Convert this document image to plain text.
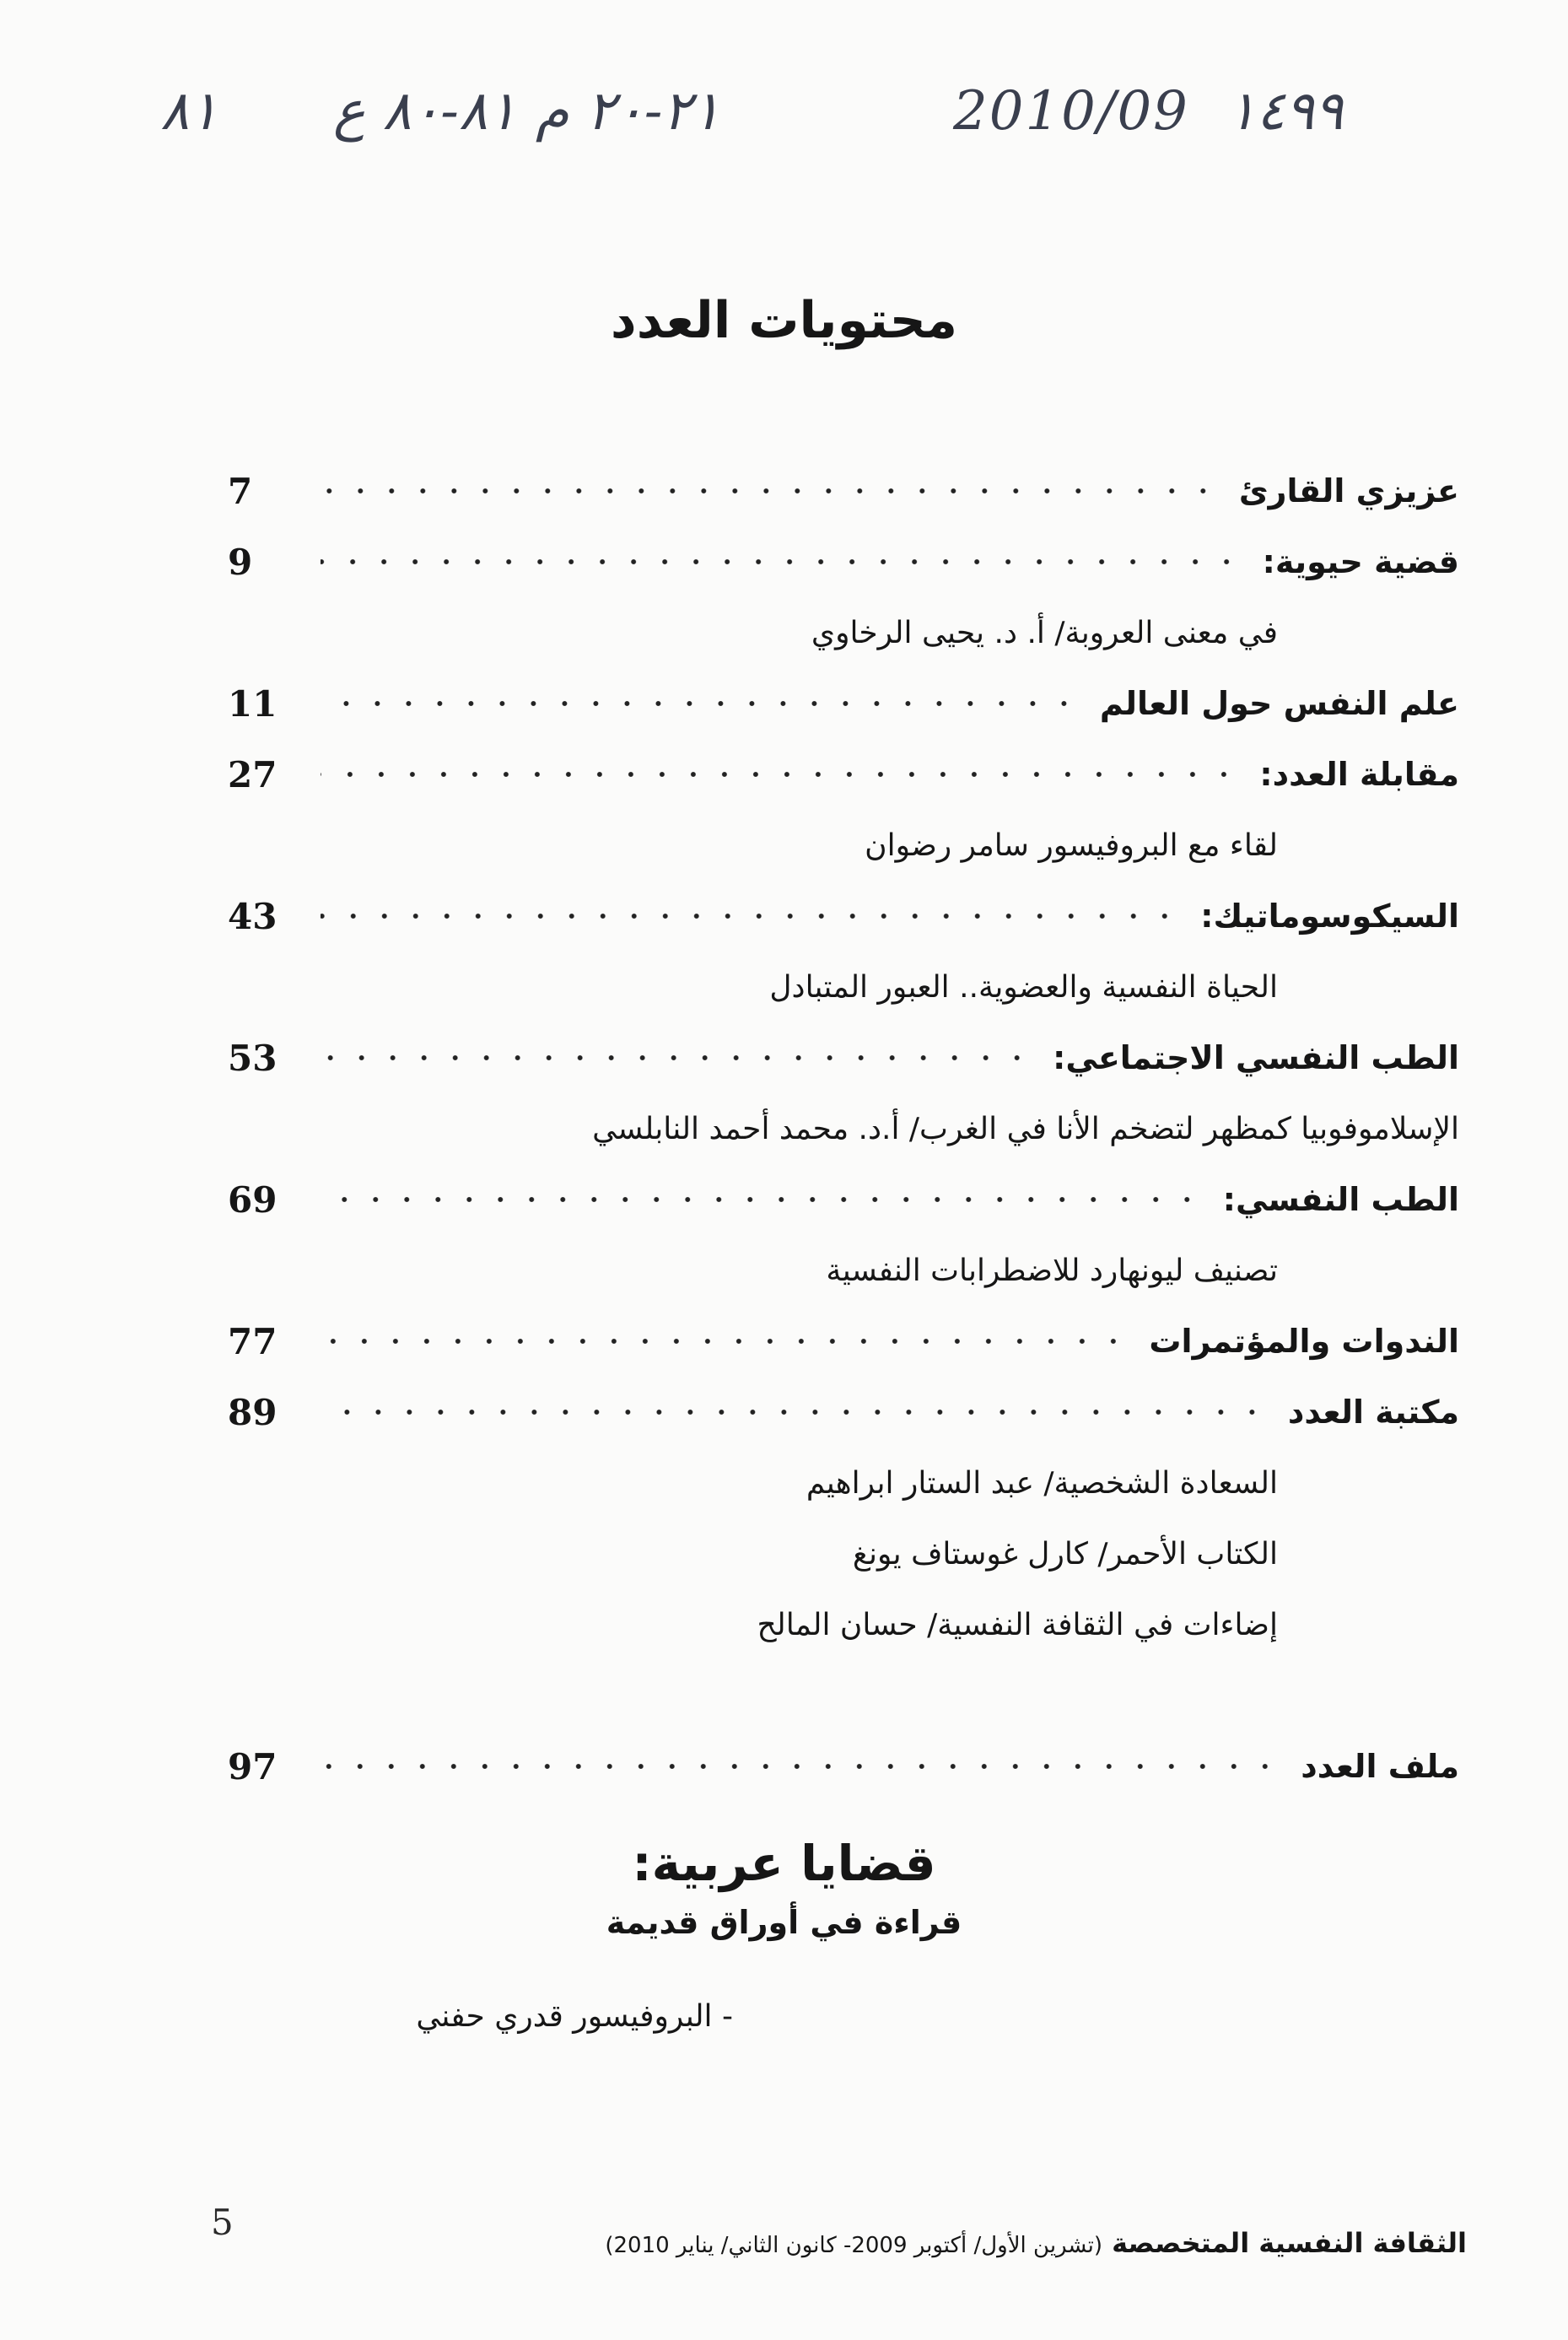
٨١ ٨١-٨٠ ع ٢١-٢٠ م	2010/09 ١٤٩٩
محتويات العدد
عزيزي القارئ
7
قضية حيوية:
9
في معنى العروبة/ أ. د. يحيى الرخاوي
علم النفس حول العالم
11
مقابلة العدد:
27
لقاء مع البروفيسور سامر رضوان
السيكوسوماتيك:
43
الحياة النفسية والعضوية.. العبور المتبادل
الطب النفسي الاجتماعي:
53
الإسلاموفوبيا كمظهر لتضخم الأنا في الغرب/ أ.د. محمد أحمد النابلسي
الطب النفسي:
69
تصنيف ليونهارد للاضطرابات النفسية
الندوات والمؤتمرات
77
مكتبة العدد
89
السعادة الشخصية/ عبد الستار ابراهيم
الكتاب الأحمر/ كارل غوستاف يونغ
إضاءات في الثقافة النفسية/ حسان المالح
ملف العدد
97
قضايا عربية:
قراءة في أوراق قديمة
- البروفيسور قدري حفني
5	الثقافة النفسية المتخصصة (تشرين الأول/ أكتوبر 2009- كانون الثاني/ يناير 2010)
